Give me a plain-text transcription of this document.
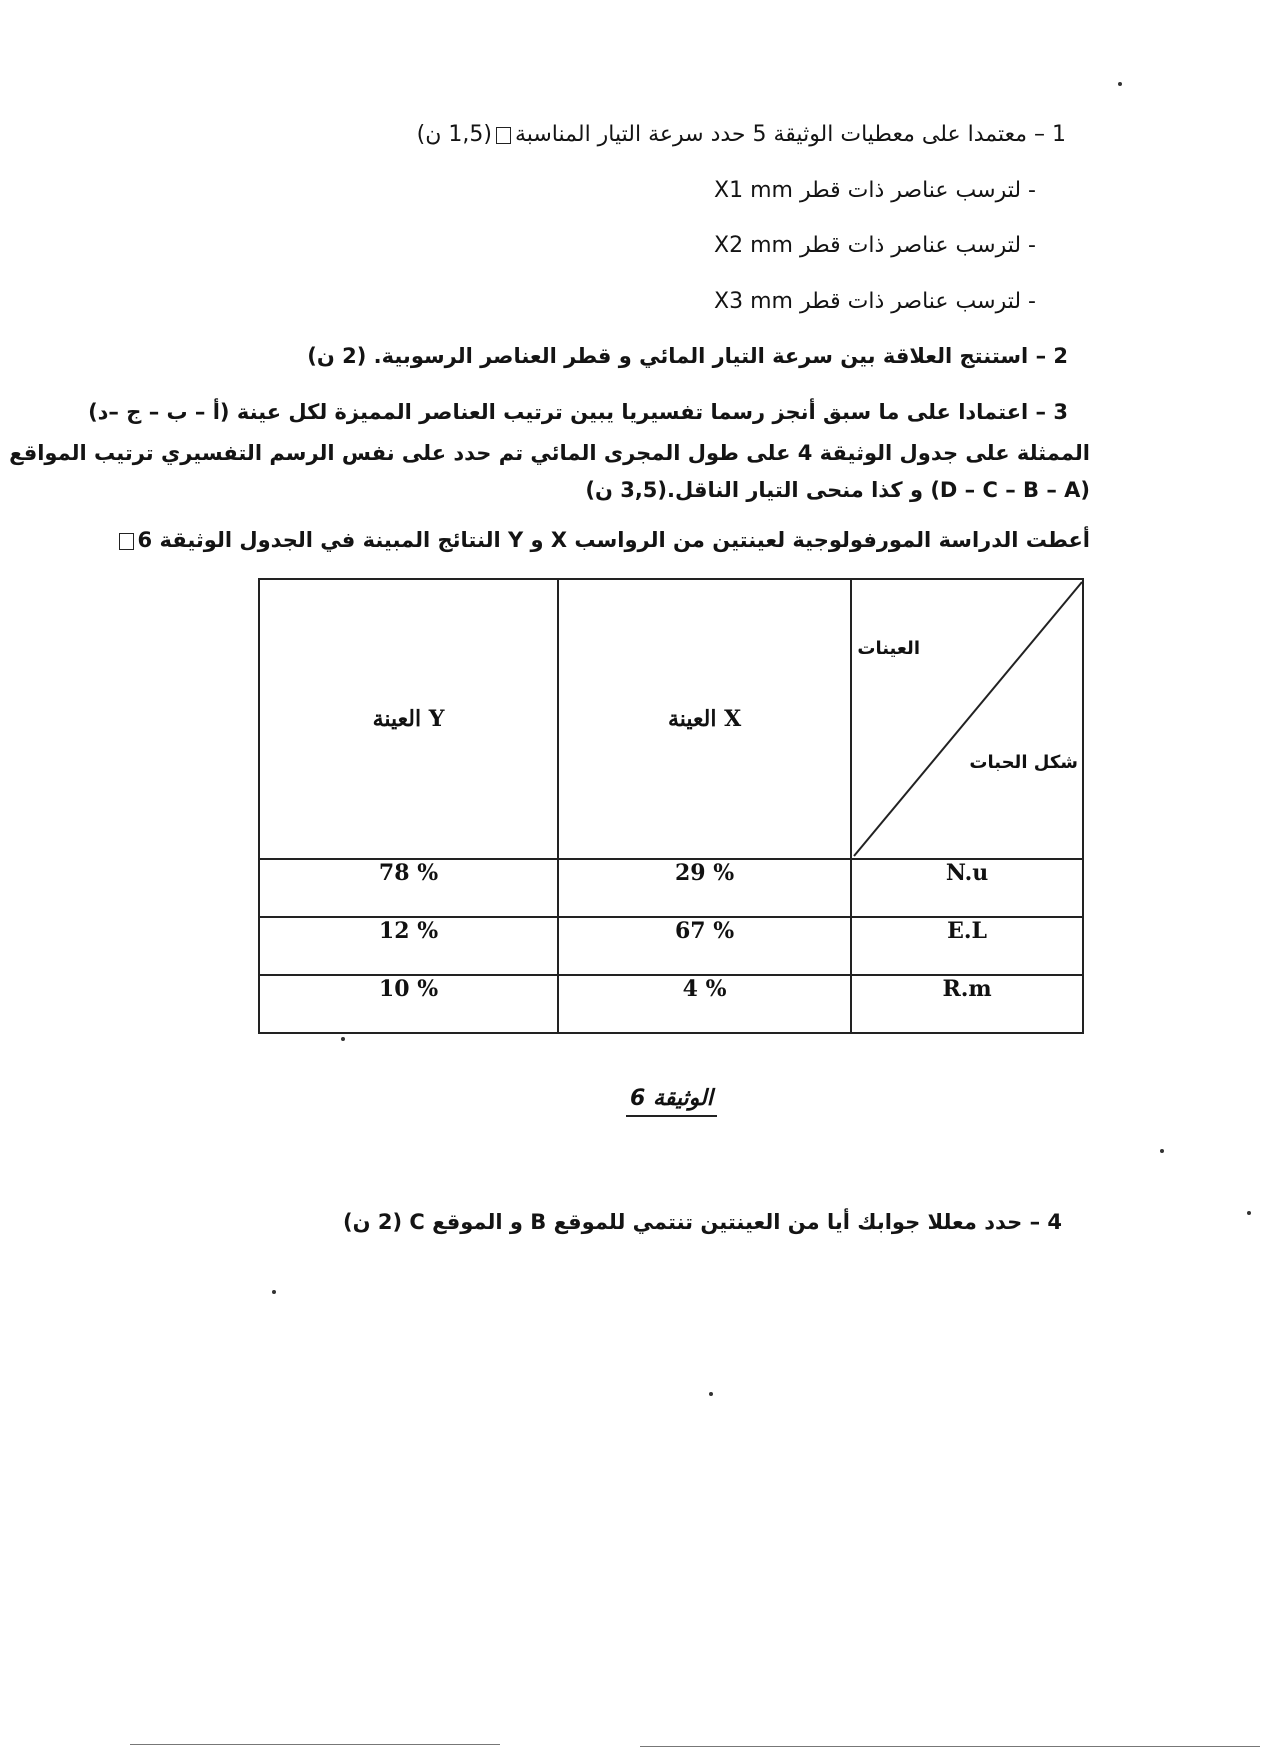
1 – معتمدا على معطيات الوثيقة 5 حدد سرعة التيار المناسبة(1,5 ن)
- لترسب عناصر ذات قطر X1 mm
- لترسب عناصر ذات قطر X2 mm
- لترسب عناصر ذات قطر X3 mm
2 – استنتج العلاقة بين سرعة التيار المائي و قطر العناصر الرسوبية. (2 ن)
3 – اعتمادا على ما سبق أنجز رسما تفسيريا يبين ترتيب العناصر المميزة لكل عينة (أ – ب – ج –د)
الممثلة على جدول الوثيقة 4 على طول المجرى المائي تم حدد على نفس الرسم التفسيري ترتيب المواقع
(D – C – B – A) و كذا منحى التيار الناقل.(3,5 ن)
أعطت الدراسة المورفولوجية لعينتين من الرواسب X و Y النتائج المبينة في الجدول الوثيقة 6
العينة Y	العينة X	العينات
شكل الحبات

78 %	29 %	N.u
12 %	67 %	E.L
10 %	4 %	R.m
الوثيقة 6
4 – حدد معللا جوابك أيا من العينتين تنتمي للموقع B و الموقع C (2 ن)
